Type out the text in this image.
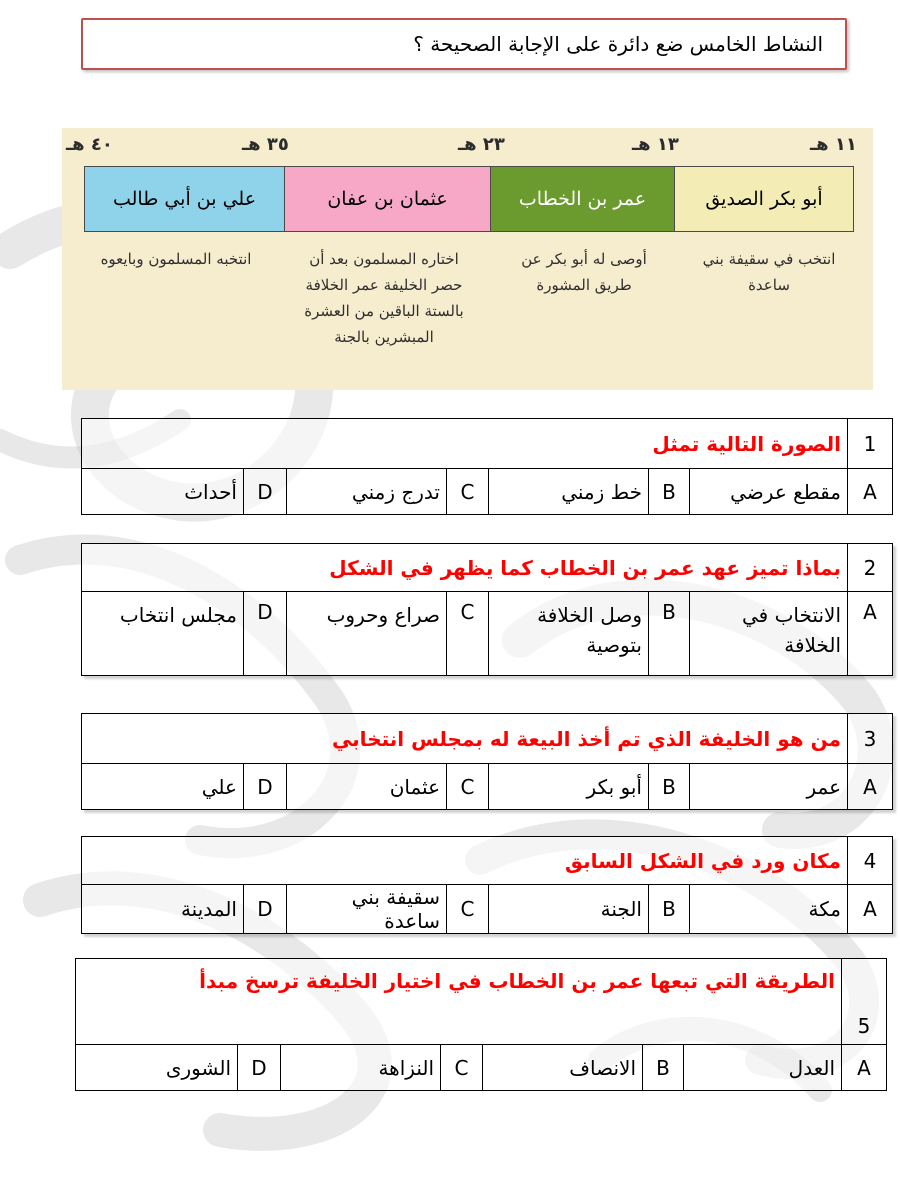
النشاط الخامس ضع دائرة على الإجابة الصحيحة ؟
١١ هـ
١٣ هـ
٢٣ هـ
٣٥ هـ
٤٠ هـ
أبو بكر الصديق
عمر بن الخطاب
عثمان بن عفان
علي بن أبي طالب
انتخب في سقيفة بني
ساعدة
أوصى له أبو بكر عن
طريق المشورة
اختاره المسلمون بعد أن
حصر الخليفة عمر الخلافة
بالستة الباقين من العشرة
المبشرين بالجنة
انتخبه المسلمون وبايعوه
1	الصورة التالية تمثل						
A	مقطع عرضي	B	خط زمني	C	تدرج زمني	D	أحداث
2	بماذا تميز عهد عمر بن الخطاب كما يظهر في الشكل						
A	الانتخاب في الخلافة	B	وصل الخلافة بتوصية	C	صراع وحروب	D	مجلس انتخاب
3	من هو الخليفة الذي تم أخذ البيعة له بمجلس انتخابي						
A	عمر	B	أبو بكر	C	عثمان	D	علي
4	مكان ورد في الشكل السابق						
A	مكة	B	الجنة	C	سقيفة بني ساعدة	D	المدينة
5	الطريقة التي تبعها عمر بن الخطاب في اختيار الخليفة ترسخ مبدأ						
A	العدل	B	الانصاف	C	النزاهة	D	الشورى
